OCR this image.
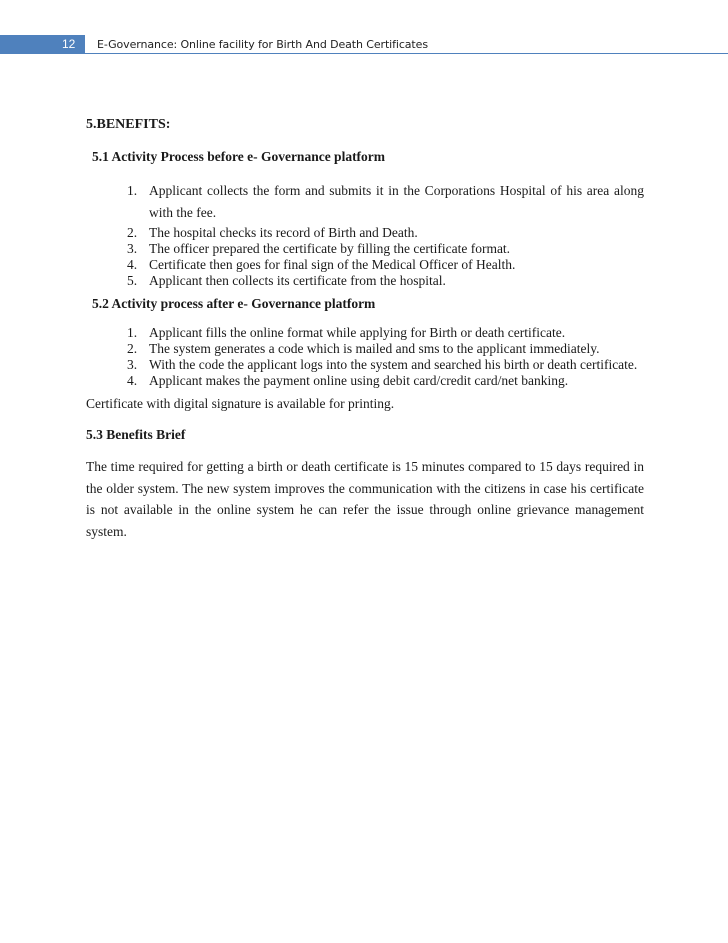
12	E-Governance: Online facility for Birth And Death Certificates

5.BENEFITS:

5.1 Activity Process before e- Governance platform

1. Applicant collects the form and submits it in the Corporations Hospital of his area along with the fee.
2. The hospital checks its record of Birth and Death.
3. The officer prepared the certificate by filling the certificate format.
4. Certificate then goes for final sign of the Medical Officer of Health.
5. Applicant then collects its certificate from the hospital.

5.2 Activity process after e- Governance platform

1. Applicant fills the online format while applying for Birth or death certificate.
2. The system generates a code which is mailed and sms to the applicant immediately.
3. With the code the applicant logs into the system and searched his birth or death certificate.
4. Applicant makes the payment online using debit card/credit card/net banking.

Certificate with digital signature is available for printing.

5.3 Benefits Brief

The time required for getting a birth or death certificate is 15 minutes compared to 15 days required in the older system. The new system improves the communication with the citizens in case his certificate is not available in the online system he can refer the issue through online grievance management system.
